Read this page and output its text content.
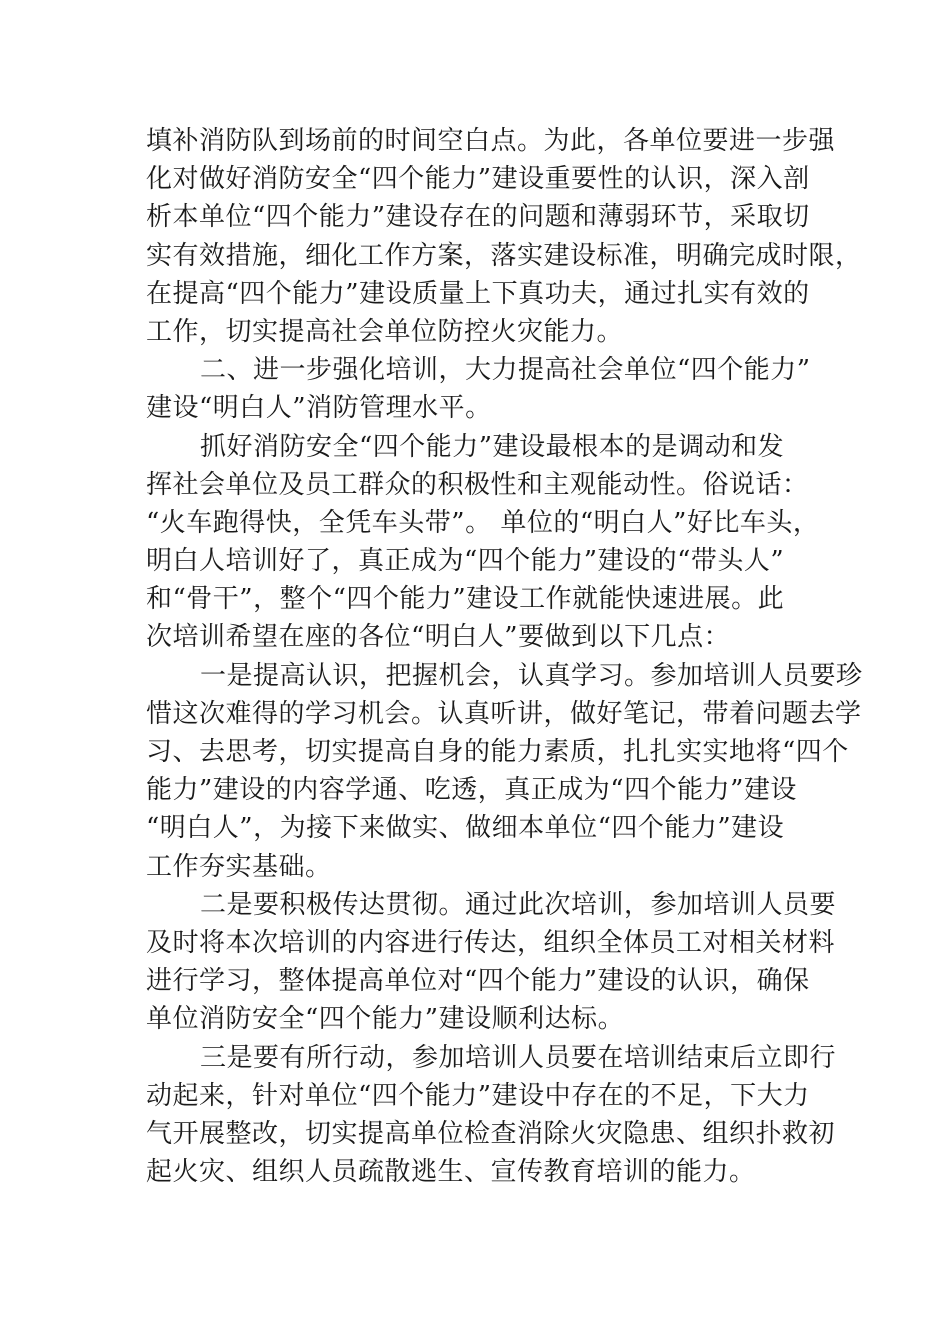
填补消防队到场前的时间空白点。为此，各单位要进一步强
化对做好消防安全“四个能力”建设重要性的认识，深入剖
析本单位“四个能力”建设存在的问题和薄弱环节，采取切
实有效措施，细化工作方案，落实建设标准，明确完成时限，
在提高“四个能力”建设质量上下真功夫，通过扎实有效的
工作，切实提高社会单位防控火灾能力。
二、进一步强化培训，大力提高社会单位“四个能力”
建设“明白人”消防管理水平。
抓好消防安全“四个能力”建设最根本的是调动和发
挥社会单位及员工群众的积极性和主观能动性。俗说话：
“火车跑得快，全凭车头带”。 单位的“明白人”好比车头，
明白人培训好了，真正成为“四个能力”建设的“带头人”
和“骨干”，整个“四个能力”建设工作就能快速进展。此
次培训希望在座的各位“明白人”要做到以下几点：
一是提高认识，把握机会，认真学习。参加培训人员要珍
惜这次难得的学习机会。认真听讲，做好笔记，带着问题去学
习、去思考，切实提高自身的能力素质，扎扎实实地将“四个
能力”建设的内容学通、吃透，真正成为“四个能力”建设
“明白人”，为接下来做实、做细本单位“四个能力”建设
工作夯实基础。
二是要积极传达贯彻。通过此次培训，参加培训人员要
及时将本次培训的内容进行传达，组织全体员工对相关材料
进行学习，整体提高单位对“四个能力”建设的认识，确保
单位消防安全“四个能力”建设顺利达标。
三是要有所行动，参加培训人员要在培训结束后立即行
动起来，针对单位“四个能力”建设中存在的不足，下大力
气开展整改，切实提高单位检查消除火灾隐患、组织扑救初
起火灾、组织人员疏散逃生、宣传教育培训的能力。
